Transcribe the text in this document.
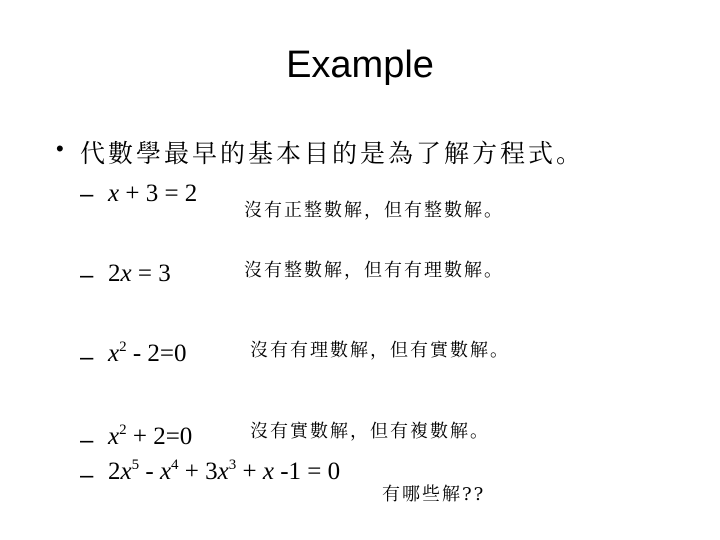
Example
• 代數學最早的基本目的是為了解方程式。
– x + 3 = 2
沒有正整數解，但有整數解。
– 2x = 3	沒有整數解，但有有理數解。
– $x^2 - 2=0$	沒有有理數解，但有實數解。
– $x^2 + 2=0$	沒有實數解，但有複數解。
– $2x^5 - x^4 + 3x^3 + x$ -1 = 0
有哪些解??
